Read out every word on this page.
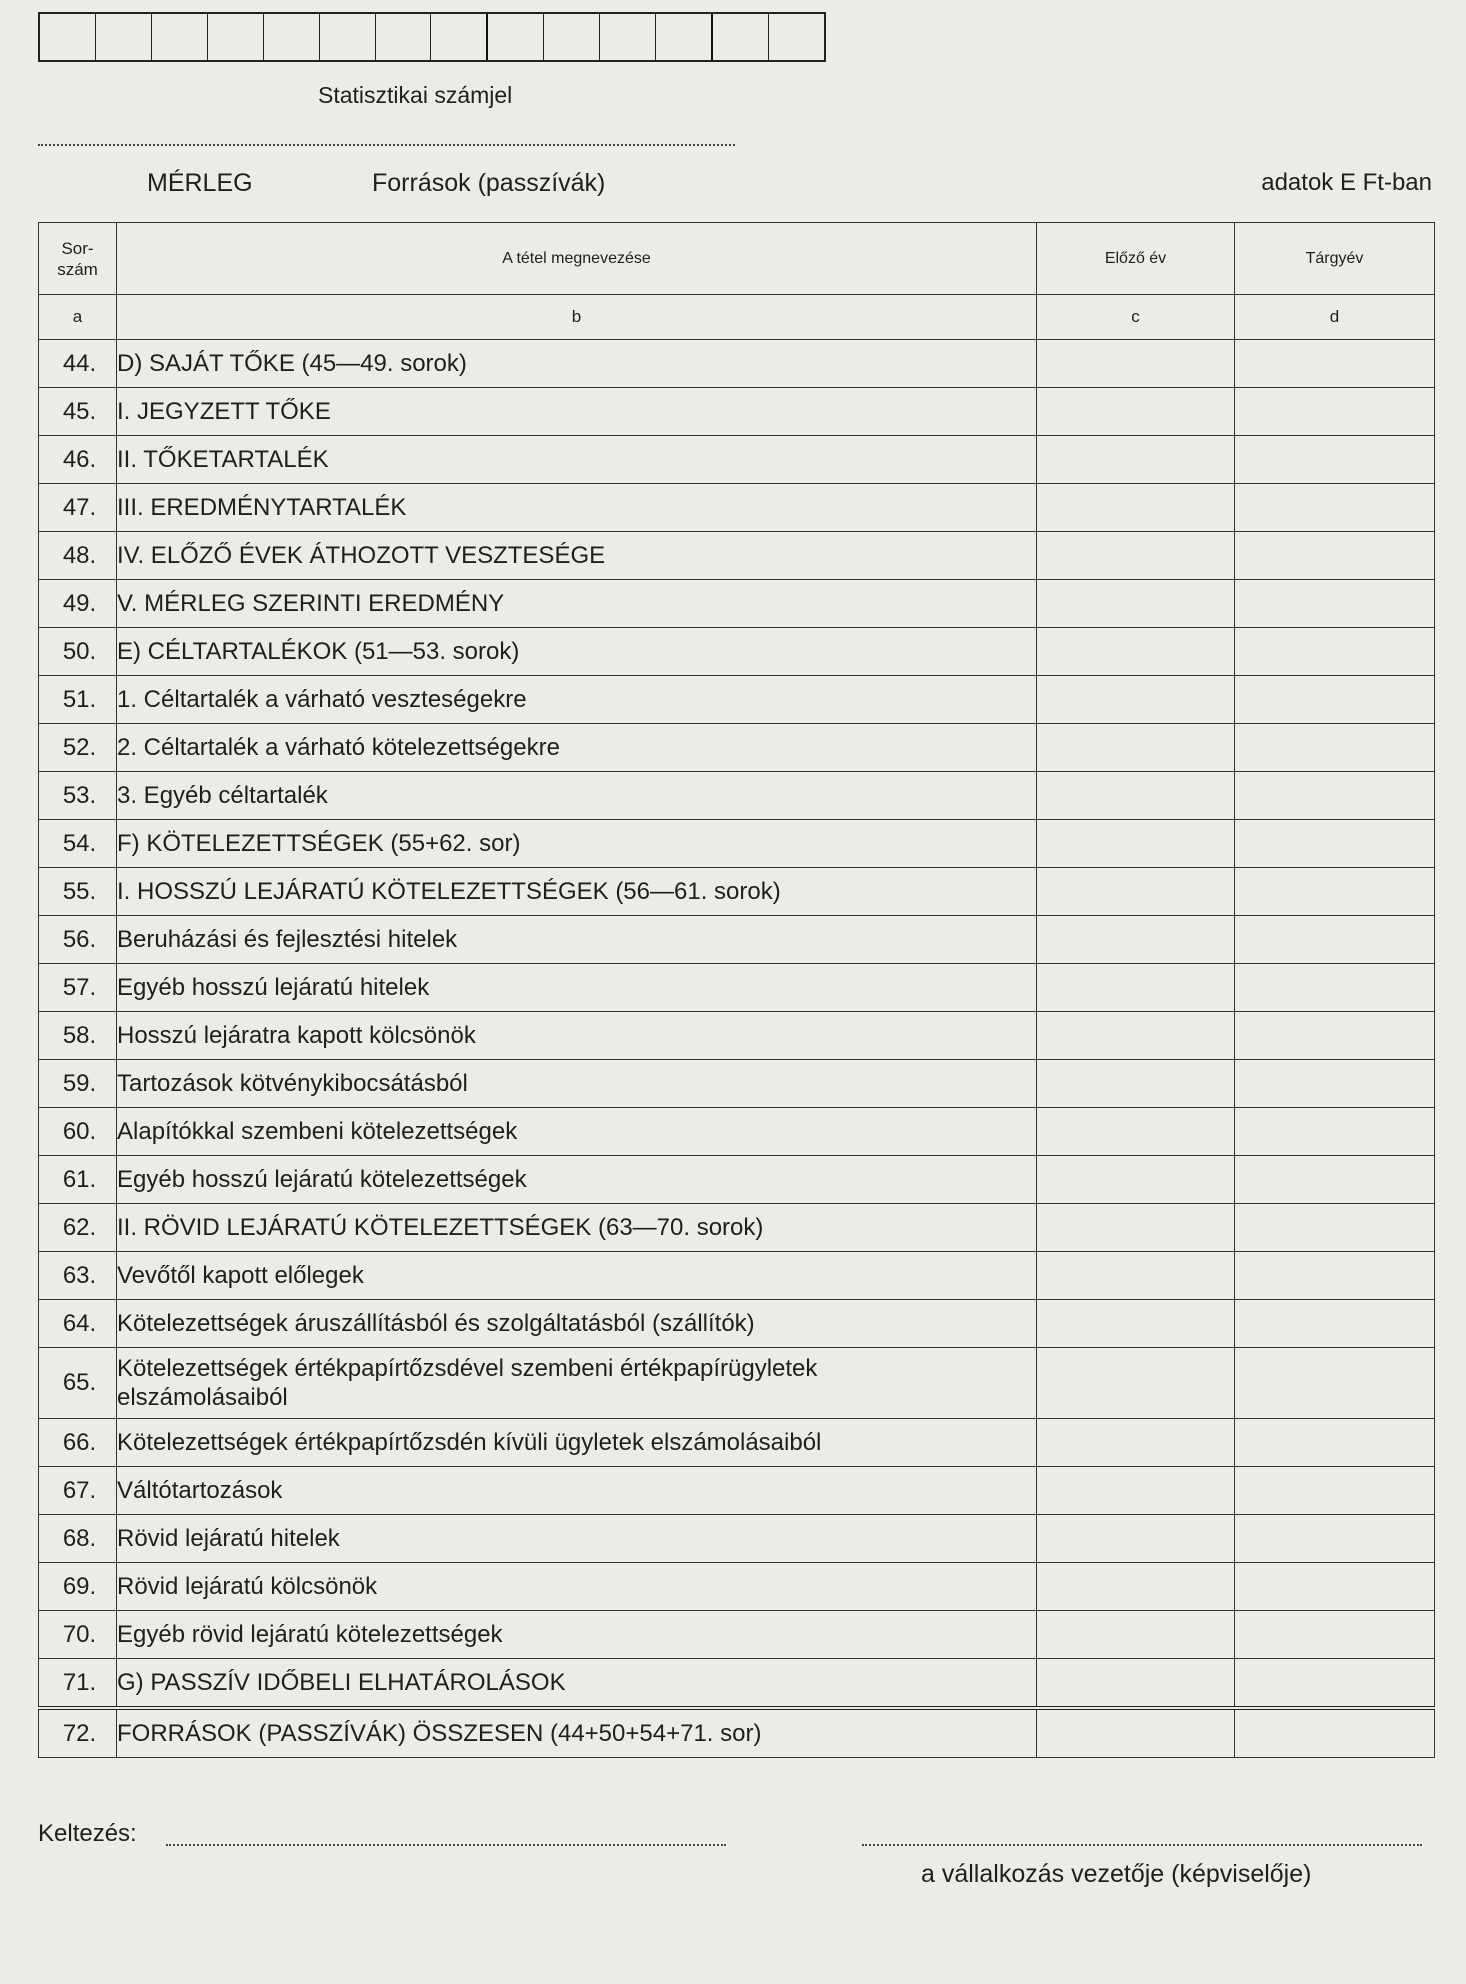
Statisztikai számjel
MÉRLEG	Források (passzívák)	adatok E Ft-ban
Sor-
szám	A tétel megnevezése	Előző év	Tárgyév
a	b	c	d
44.	D) SAJÁT TŐKE (45—49. sorok)		

45.	I. JEGYZETT TŐKE		

46.	II. TŐKETARTALÉK		

47.	III. EREDMÉNYTARTALÉK		

48.	IV. ELŐZŐ ÉVEK ÁTHOZOTT VESZTESÉGE		

49.	V. MÉRLEG SZERINTI EREDMÉNY		

50.	E) CÉLTARTALÉKOK (51—53. sorok)		

51.	1. Céltartalék a várható veszteségekre		

52.	2. Céltartalék a várható kötelezettségekre		

53.	3. Egyéb céltartalék		

54.	F) KÖTELEZETTSÉGEK (55+62. sor)		

55.	I. HOSSZÚ LEJÁRATÚ KÖTELEZETTSÉGEK (56—61. sorok)		

56.	Beruházási és fejlesztési hitelek		

57.	Egyéb hosszú lejáratú hitelek		

58.	Hosszú lejáratra kapott kölcsönök		

59.	Tartozások kötvénykibocsátásból		

60.	Alapítókkal szembeni kötelezettségek		

61.	Egyéb hosszú lejáratú kötelezettségek		

62.	II. RÖVID LEJÁRATÚ KÖTELEZETTSÉGEK (63—70. sorok)		

63.	Vevőtől kapott előlegek		

64.	Kötelezettségek áruszállításból és szolgáltatásból (szállítók)		

65.	Kötelezettségek értékpapírtőzsdével szembeni értékpapírügyletek
elszámolásaiból		

66.	Kötelezettségek értékpapírtőzsdén kívüli ügyletek elszámolásaiból		

67.	Váltótartozások		

68.	Rövid lejáratú hitelek		

69.	Rövid lejáratú kölcsönök		

70.	Egyéb rövid lejáratú kötelezettségek		

71.	G) PASSZÍV IDŐBELI ELHATÁROLÁSOK		

72.	FORRÁSOK (PASSZÍVÁK) ÖSSZESEN (44+50+54+71. sor)		

Keltezés:
a vállalkozás vezetője (képviselője)
